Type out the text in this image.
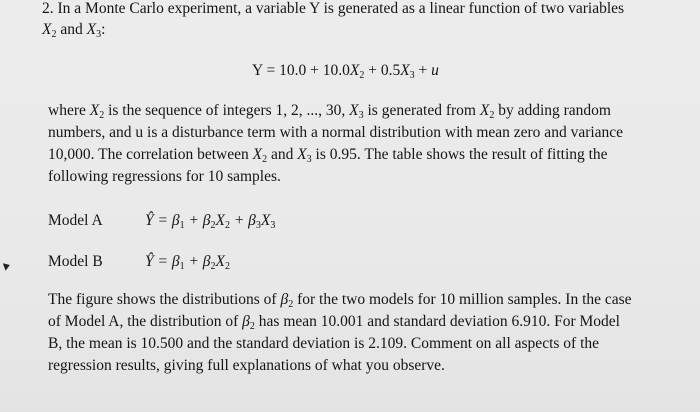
2. In a Monte Carlo experiment, a variable Y is generated as a linear function of two variables
$X_2$ and $X_3$:
$Y = 10.0 + 10.0X_2 + 0.5X_3 + u$
where $X_2$ is the sequence of integers 1, 2, ..., 30, $X_3$ is generated from $X_2$ by adding random
numbers, and u is a disturbance term with a normal distribution with mean zero and variance
10,000. The correlation between $X_2$ and $X_3$ is 0.95. The table shows the result of fitting the
following regressions for 10 samples.
Model A	Ŷ = $\beta_1 + \beta_2X_2 + \beta_3X_3$
Model B	Ŷ = $\beta_1 + \beta_2X_2$
The figure shows the distributions of $\beta_2$ for the two models for 10 million samples. In the case
of Model A, the distribution of $\beta_2$ has mean 10.001 and standard deviation 6.910. For Model
B, the mean is 10.500 and the standard deviation is 2.109. Comment on all aspects of the
regression results, giving full explanations of what you observe.
